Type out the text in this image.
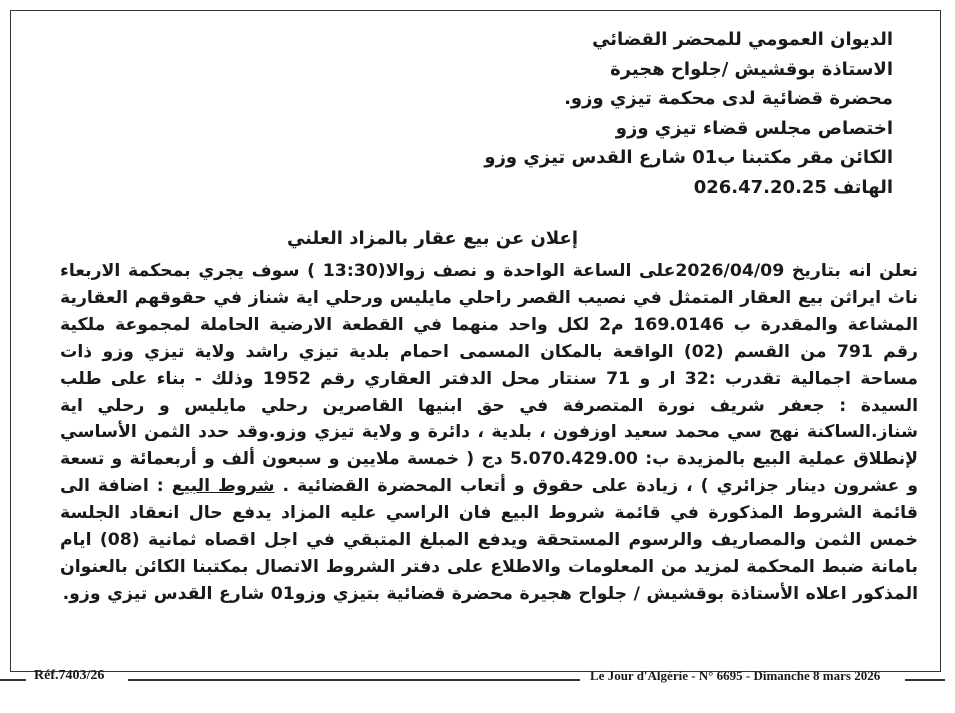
الديوان العمومي للمحضر القضائي
الاستاذة بوقشيش /جلواح هجيرة
محضرة قضائية لدى محكمة تيزي وزو.
اختصاص مجلس قضاء تيزي وزو
الكائن مقر مكتبنا ب01 شارع القدس تيزي وزو
الهاتف 026.47.20.25
إعلان عن بيع عقار بالمزاد العلني
نعلن انه بتاريخ 2026/04/09على الساعة الواحدة و نصف زوالا(13:30 ) سوف يجري بمحكمة الاربعاء ناث ايراثن بيع العقار المتمثل في نصيب القصر راحلي مايليس ورحلي اية شناز في حقوقهم العقارية المشاعة والمقدرة ب 169.0146 م2 لكل واحد منهما في القطعة الارضية الحاملة لمجموعة ملكية رقم 791 من القسم (02) الواقعة بالمكان المسمى احمام بلدية تيزي راشد ولاية تيزي وزو ذات مساحة اجمالية تقدرب :32 ار و 71 سنتار محل الدفتر العقاري رقم 1952 وذلك - بناء على طلب السيدة : جعفر شريف نورة المتصرفة في حق ابنيها القاصرين رحلي مايليس و رحلي اية شناز.الساكنة نهج سي محمد سعيد اوزفون ، بلدية ، دائرة و ولاية تيزي وزو.وقد حدد الثمن الأساسي لإنطلاق عملية البيع بالمزيدة ب: 5.070.429.00 دج ( خمسة ملايين و سبعون ألف و أربعمائة و تسعة و عشرون دينار جزائري ) ، زيادة على حقوق و أتعاب المحضرة القضائية . شروط البيع : اضافة الى قائمة الشروط المذكورة في قائمة شروط البيع فان الراسي عليه المزاد يدفع حال انعقاد الجلسة خمس الثمن والمصاريف والرسوم المستحقة ويدفع المبلغ المتبقي في اجل اقصاه ثمانية (08) ايام بامانة ضبط المحكمة لمزيد من المعلومات والاطلاع على دفتر الشروط الاتصال بمكتبنا الكائن بالعنوان المذكور اعلاه الأستاذة بوقشيش / جلواح هجيرة محضرة قضائية بتيزي وزو01 شارع القدس تيزي وزو.
Réf.7403/26	Le Jour d'Algérie - N° 6695 - Dimanche 8 mars 2026
